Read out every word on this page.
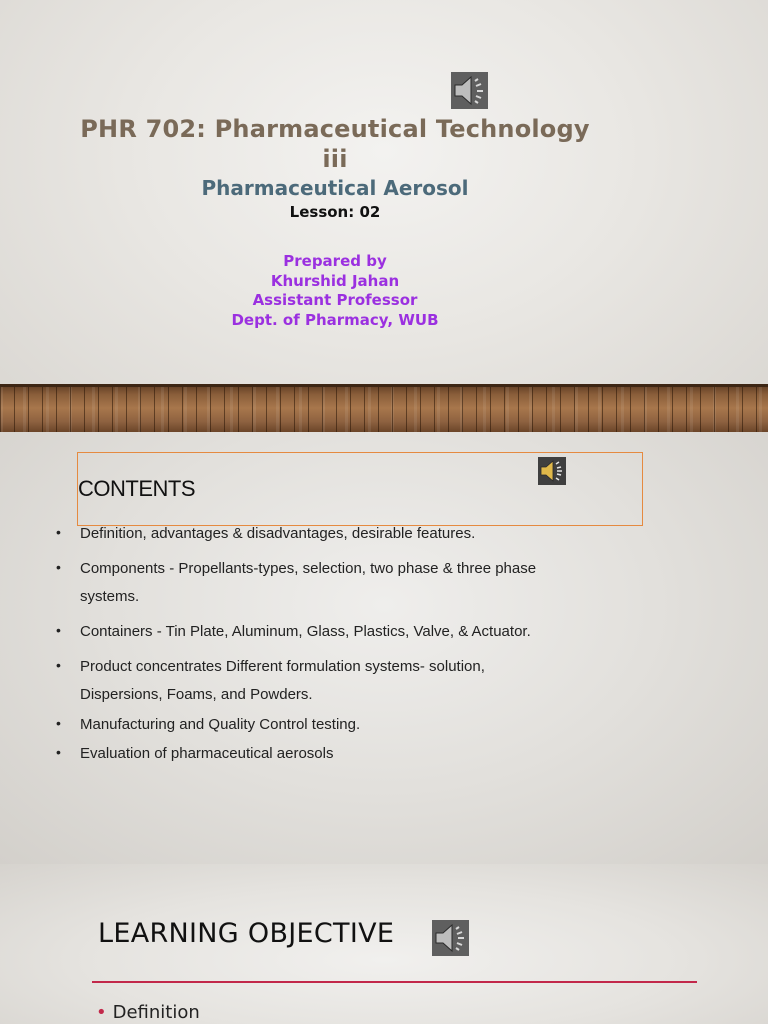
PHR 702: Pharmaceutical Technology
iii
Pharmaceutical Aerosol
Lesson: 02
Prepared by
Khurshid Jahan
Assistant Professor
Dept. of Pharmacy, WUB
CONTENTS
• Definition, advantages & disadvantages, desirable features.
• Components - Propellants-types, selection, two phase & three phase
systems.
• Containers - Tin Plate, Aluminum, Glass, Plastics, Valve, & Actuator.
• Product concentrates Different formulation systems- solution,
Dispersions, Foams, and Powders.
• Manufacturing and Quality Control testing.
• Evaluation of pharmaceutical aerosols
LEARNING OBJECTIVE
• Definition
